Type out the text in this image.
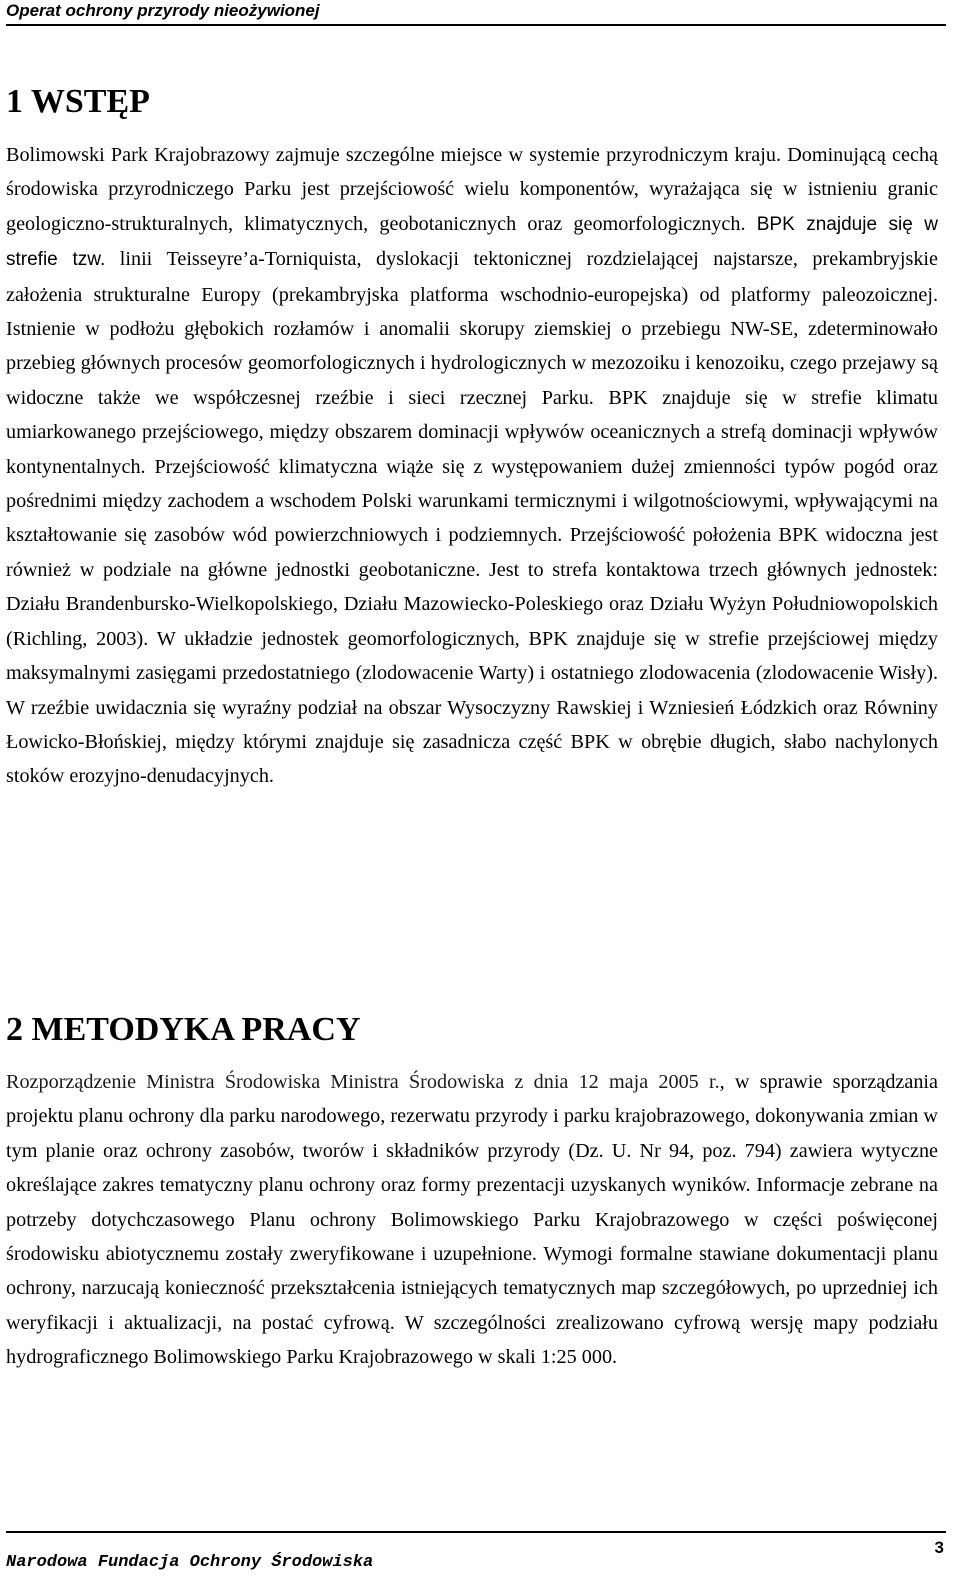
Operat ochrony przyrody nieożywionej
1 WSTĘP

Bolimowski Park Krajobrazowy zajmuje szczególne miejsce w systemie przyrodniczym kraju. Dominującą cechą środowiska przyrodniczego Parku jest przejściowość wielu komponentów, wyrażająca się w istnieniu granic geologiczno-strukturalnych, klimatycznych, geobotanicznych oraz geomorfologicznych. BPK znajduje się w strefie tzw. linii Teisseyre’a-Torniquista, dyslokacji tektonicznej rozdzielającej najstarsze, prekambryjskie założenia strukturalne Europy (prekambryjska platforma wschodnio-europejska) od platformy paleozoicznej. Istnienie w podłożu głębokich rozłamów i anomalii skorupy ziemskiej o przebiegu NW-SE, zdeterminowało przebieg głównych procesów geomorfologicznych i hydrologicznych w mezozoiku i kenozoiku, czego przejawy są widoczne także we współczesnej rzeźbie i sieci rzecznej Parku. BPK znajduje się w strefie klimatu umiarkowanego przejściowego, między obszarem dominacji wpływów oceanicznych a strefą dominacji wpływów kontynentalnych. Przejściowość klimatyczna wiąże się z występowaniem dużej zmienności typów pogód oraz pośrednimi między zachodem a wschodem Polski warunkami termicznymi i wilgotnościowymi, wpływającymi na kształtowanie się zasobów wód powierzchniowych i podziemnych. Przejściowość położenia BPK widoczna jest również w podziale na główne jednostki geobotaniczne. Jest to strefa kontaktowa trzech głównych jednostek: Działu Brandenbursko-Wielkopolskiego, Działu Mazowiecko-Poleskiego oraz Działu Wyżyn Południowopolskich (Richling, 2003). W układzie jednostek geomorfologicznych, BPK znajduje się w strefie przejściowej między maksymalnymi zasięgami przedostatniego (zlodowacenie Warty) i ostatniego zlodowacenia (zlodowacenie Wisły). W rzeźbie uwidacznia się wyraźny podział na obszar Wysoczyzny Rawskiej i Wzniesień Łódzkich oraz Równiny Łowicko-Błońskiej, między którymi znajduje się zasadnicza część BPK w obrębie długich, słabo nachylonych stoków erozyjno-denudacyjnych.

2 METODYKA PRACY

Rozporządzenie Ministra Środowiska Ministra Środowiska z dnia 12 maja 2005 r., w sprawie sporządzania projektu planu ochrony dla parku narodowego, rezerwatu przyrody i parku krajobrazowego, dokonywania zmian w tym planie oraz ochrony zasobów, tworów i składników przyrody (Dz. U. Nr 94, poz. 794) zawiera wytyczne określające zakres tematyczny planu ochrony oraz formy prezentacji uzyskanych wyników. Informacje zebrane na potrzeby dotychczasowego Planu ochrony Bolimowskiego Parku Krajobrazowego w części poświęconej środowisku abiotycznemu zostały zweryfikowane i uzupełnione. Wymogi formalne stawiane dokumentacji planu ochrony, narzucają konieczność przekształcenia istniejących tematycznych map szczegółowych, po uprzedniej ich weryfikacji i aktualizacji, na postać cyfrową. W szczególności zrealizowano cyfrową wersję mapy podziału hydrograficznego Bolimowskiego Parku Krajobrazowego w skali 1:25 000.

Narodowa Fundacja Ochrony Środowiska
3
